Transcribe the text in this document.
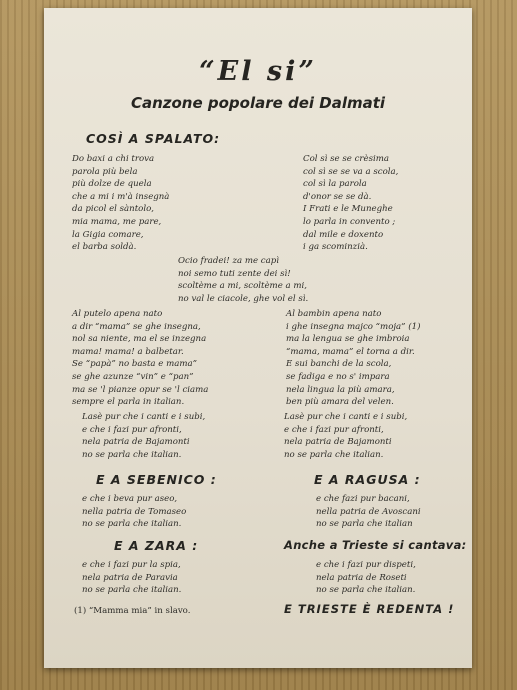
“El si”
Canzone popolare dei Dalmati
COSÌ A SPALATO:
Do baxi a chi trova
parola più bela
più dolze de quela
che a mi i m'à insegnà
da picol el sàntolo,
mia mama, me pare,
la Gigia comare,
el barba soldà.
Col sì se se crèsima
col sì se se va a scola,
col sì la parola
d'onor se se dà.
I Frati e le Muneghe
lo parla in convento ;
dal mile e doxento
i ga scominzià.
Ocio fradei! za me capì
noi semo tuti zente dei sì!
scoltème a mi, scoltème a mi,
no val le ciacole, ghe vol el sì.
Al putelo apena nato
a dir “mama” se ghe insegna,
nol sa niente, ma el se inzegna
mama! mama! a balbetar.
Se “papà” no basta e mama”
se ghe azunze “vin” e “pan”
ma se 'l pianze opur se 'l ciama
sempre el parla in italian.
Al bambin apena nato
i ghe insegna majco “moja” (1)
ma la lengua se ghe imbroia
“mama, mama” el torna a dir.
E sui banchi de la scola,
se fadiga e no s' impara
nela lingua la più amara,
ben più amara del velen.
Lasè pur che i canti e i subi,
e che i fazi pur afronti,
nela patria de Bajamonti
no se parla che italian.
Lasè pur che i canti e i subi,
e che i fazi pur afronti,
nela patria de Bajamonti
no se parla che italian.
E A SEBENICO :	E A RAGUSA :
e che i beva pur aseo,
nella patria de Tomaseo
no se parla che italian.
e che fazi pur bacani,
nella patria de Avoscani
no se parla che italian
E A ZARA :	Anche a Trieste si cantava:
e che i fazi pur la spia,
nela patria de Paravia
no se parla che italian.
e che i fazi pur dispeti,
nela patria de Roseti
no se parla che italian.
(1) “Mamma mia” in slavo.	E TRIESTE È REDENTA !
